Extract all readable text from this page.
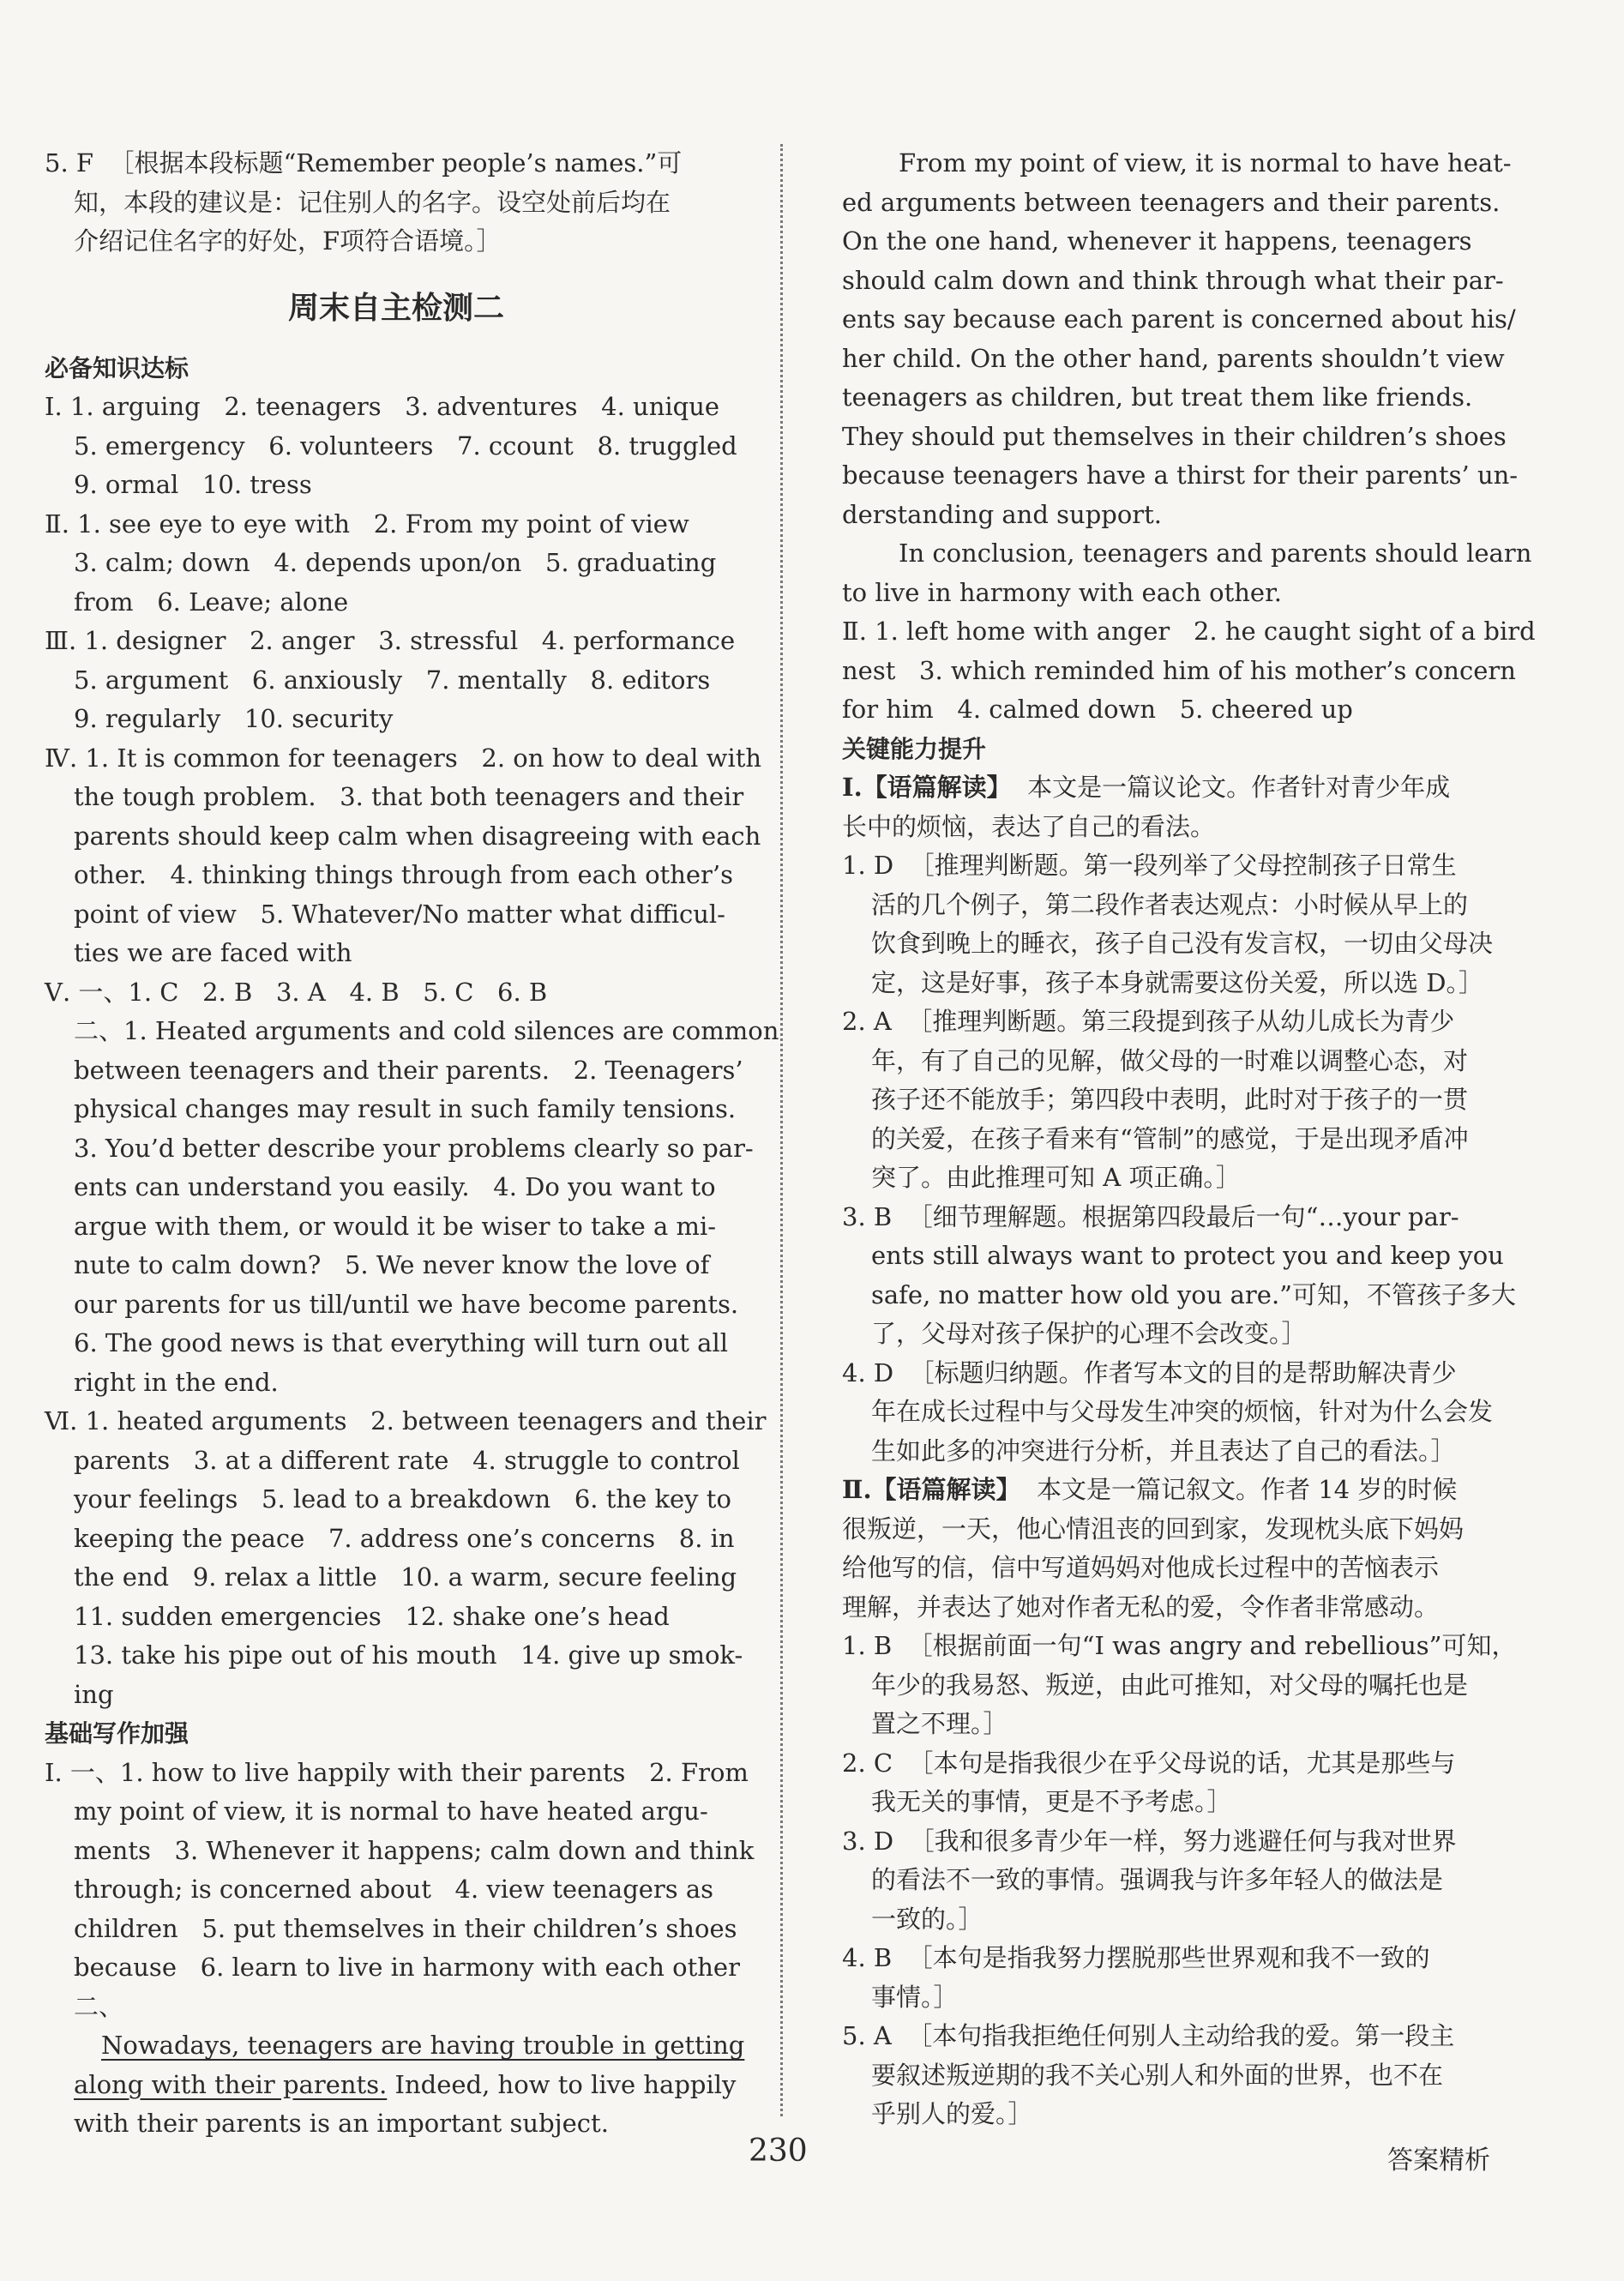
5. F  ［根据本段标题“Remember people’s names.”可
知，本段的建议是：记住别人的名字。设空处前后均在
介绍记住名字的好处，F项符合语境。］
周末自主检测二
必备知识达标
Ⅰ. 1. arguing   2. teenagers   3. adventures   4. unique
5. emergency   6. volunteers   7. ccount   8. truggled
9. ormal   10. tress
Ⅱ. 1. see eye to eye with   2. From my point of view
3. calm; down   4. depends upon/on   5. graduating
from   6. Leave; alone
Ⅲ. 1. designer   2. anger   3. stressful   4. performance
5. argument   6. anxiously   7. mentally   8. editors
9. regularly   10. security
Ⅳ. 1. It is common for teenagers   2. on how to deal with
the tough problem.   3. that both teenagers and their
parents should keep calm when disagreeing with each
other.   4. thinking things through from each other’s
point of view   5. Whatever/No matter what difficul-
ties we are faced with
Ⅴ. 一、1. C   2. B   3. A   4. B   5. C   6. B
二、1. Heated arguments and cold silences are common
between teenagers and their parents.   2. Teenagers’
physical changes may result in such family tensions.
3. You’d better describe your problems clearly so par-
ents can understand you easily.   4. Do you want to
argue with them, or would it be wiser to take a mi-
nute to calm down?   5. We never know the love of
our parents for us till/until we have become parents.
6. The good news is that everything will turn out all
right in the end.
Ⅵ. 1. heated arguments   2. between teenagers and their
parents   3. at a different rate   4. struggle to control
your feelings   5. lead to a breakdown   6. the key to
keeping the peace   7. address one’s concerns   8. in
the end   9. relax a little   10. a warm, secure feeling
11. sudden emergencies   12. shake one’s head
13. take his pipe out of his mouth   14. give up smok-
ing
基础写作加强
Ⅰ. 一、1. how to live happily with their parents   2. From
my point of view, it is normal to have heated argu-
ments   3. Whenever it happens; calm down and think
through; is concerned about   4. view teenagers as
children   5. put themselves in their children’s shoes
because   6. learn to live in harmony with each other
二、
Nowadays, teenagers are having trouble in getting
along with their parents. Indeed, how to live happily
with their parents is an important subject.
From my point of view, it is normal to have heat-
ed arguments between teenagers and their parents.
On the one hand, whenever it happens, teenagers
should calm down and think through what their par-
ents say because each parent is concerned about his/
her child. On the other hand, parents shouldn’t view
teenagers as children, but treat them like friends.
They should put themselves in their children’s shoes
because teenagers have a thirst for their parents’ un-
derstanding and support.
In conclusion, teenagers and parents should learn
to live in harmony with each other.
Ⅱ. 1. left home with anger   2. he caught sight of a bird
nest   3. which reminded him of his mother’s concern
for him   4. calmed down   5. cheered up
关键能力提升
Ⅰ.【语篇解读】  本文是一篇议论文。作者针对青少年成
长中的烦恼，表达了自己的看法。
1. D  ［推理判断题。第一段列举了父母控制孩子日常生
活的几个例子，第二段作者表达观点：小时候从早上的
饮食到晚上的睡衣，孩子自己没有发言权，一切由父母决
定，这是好事，孩子本身就需要这份关爱，所以选 D。］
2. A  ［推理判断题。第三段提到孩子从幼儿成长为青少
年，有了自己的见解，做父母的一时难以调整心态，对
孩子还不能放手；第四段中表明，此时对于孩子的一贯
的关爱，在孩子看来有“管制”的感觉，于是出现矛盾冲
突了。由此推理可知 A 项正确。］
3. B  ［细节理解题。根据第四段最后一句“…your par-
ents still always want to protect you and keep you
safe, no matter how old you are.”可知，不管孩子多大
了，父母对孩子保护的心理不会改变。］
4. D  ［标题归纳题。作者写本文的目的是帮助解决青少
年在成长过程中与父母发生冲突的烦恼，针对为什么会发
生如此多的冲突进行分析，并且表达了自己的看法。］
Ⅱ.【语篇解读】  本文是一篇记叙文。作者 14 岁的时候
很叛逆，一天，他心情沮丧的回到家，发现枕头底下妈妈
给他写的信，信中写道妈妈对他成长过程中的苦恼表示
理解，并表达了她对作者无私的爱，令作者非常感动。
1. B  ［根据前面一句“I was angry and rebellious”可知，
年少的我易怒、叛逆，由此可推知，对父母的嘱托也是
置之不理。］
2. C  ［本句是指我很少在乎父母说的话，尤其是那些与
我无关的事情，更是不予考虑。］
3. D  ［我和很多青少年一样，努力逃避任何与我对世界
的看法不一致的事情。强调我与许多年轻人的做法是
一致的。］
4. B  ［本句是指我努力摆脱那些世界观和我不一致的
事情。］
5. A  ［本句指我拒绝任何别人主动给我的爱。第一段主
要叙述叛逆期的我不关心别人和外面的世界，也不在
乎别人的爱。］
230	答案精析
